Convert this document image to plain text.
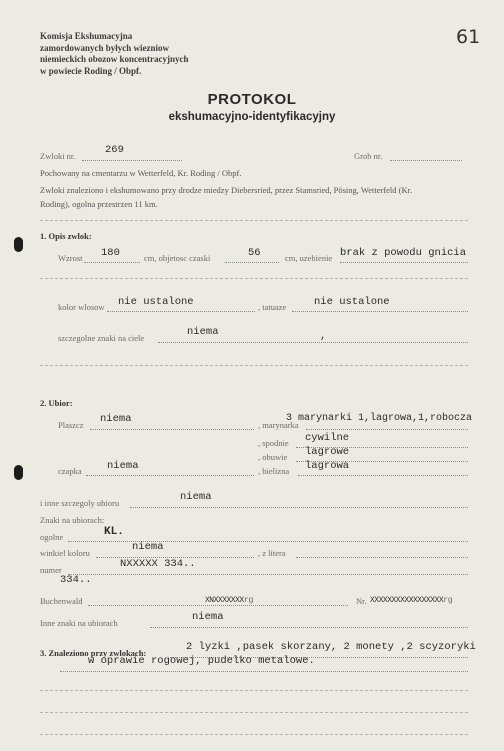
Komisja Ekshumacyjna
zamordowanych byłych wiezniow
niemieckich obozow koncentracyjnych
w powiecie Roding / Obpf.
61
PROTOKOL
ekshumacyjno-identyfikacyjny
Zwloki nr.	269	Grob nr.
Pochowany na cmentarzu w Wetterfeld, Kr. Roding / Obpf.
Zwloki znaleziono i ekshumowano przy drodze miedzy Diebersried, przez Stamsried, Pösing, Wetterfeld (Kr.
Roding), ogolna przestrzen 11 km.
1. Opis zwlok:
Wzrost 180	cm, objetosc czaski	56	cm, uzebienie brak z powodu gnicia
kolor wlosow nie ustalone	, tatuaze	nie ustalone
szczegolne znaki na ciele	niema	,
2. Ubior:
Plaszcz niema	, marynarka
3 marynarki 1,lagrowa,1,robocza
, spodnie cywilne
, obuwie lagrowe
czapka niema	, bielizna lagrowa
i inne szczegoly ubioru	niema
Znaki na ubiorach:
ogolne	KL.
winkiel koloru	niema	, z litera
numer	NXXXXX 334..
334..
Buchenwald	XNXXXXXXXrg	Nr. XXXXXXXXXXXXXXXXXrg
Inne znaki na ubiorach	niema
3. Znaleziono przy zwlokach:	2 lyzki ,pasek skorzany, 2 monety ,2 scyzoryki
w oprawie rogowej, pudelko metalowe.
